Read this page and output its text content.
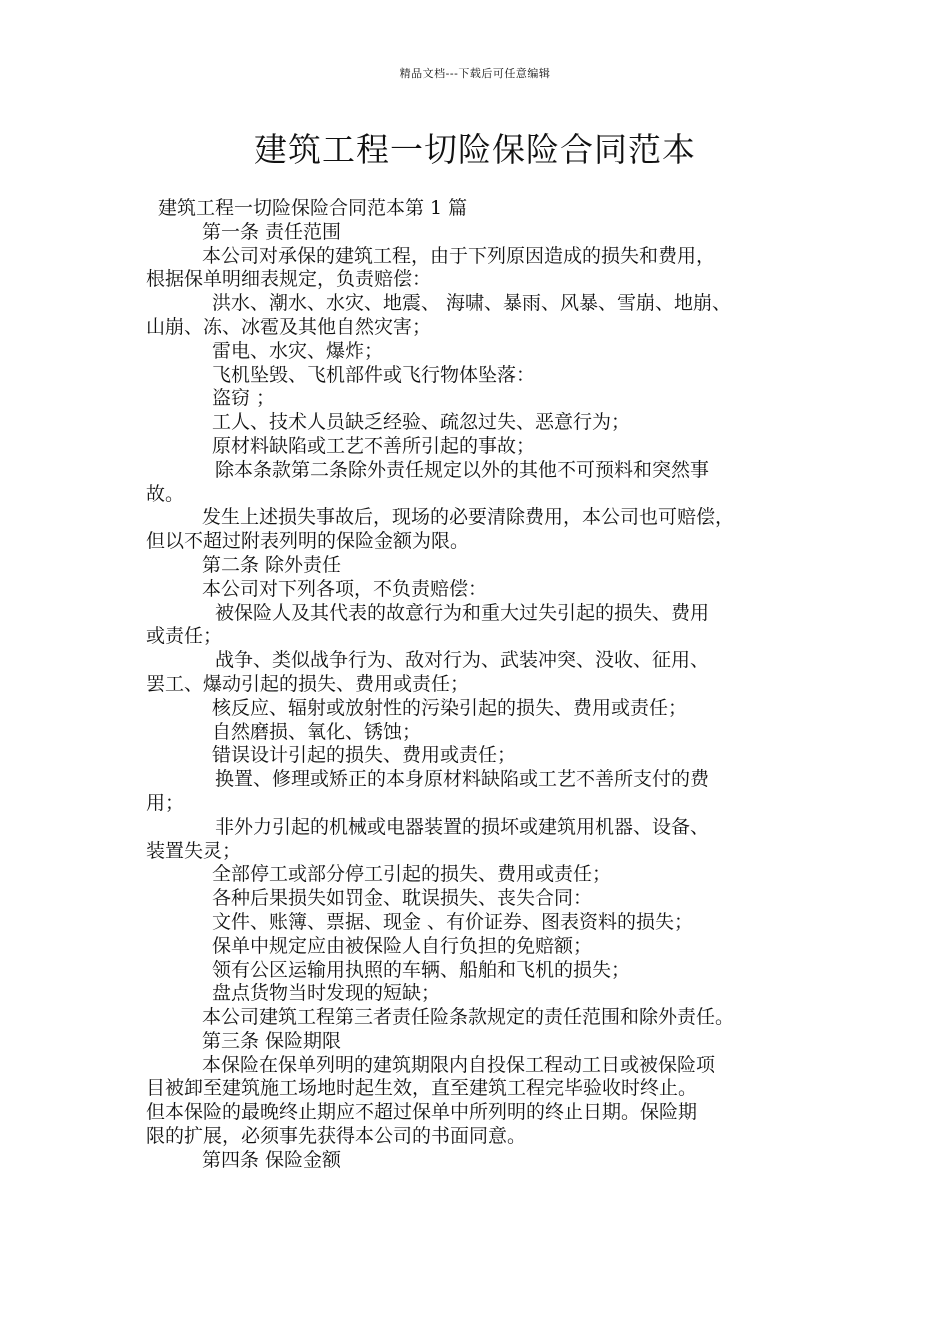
精品文档---下载后可任意编辑
建筑工程一切险保险合同范本
建筑工程一切险保险合同范本第 1 篇
第一条 责任范围
本公司对承保的建筑工程，由于下列原因造成的损失和费用，
根据保单明细表规定，负责赔偿：
洪水、潮水、水灾、地震、 海啸、暴雨、风暴、雪崩、地崩、
山崩、冻、冰雹及其他自然灾害；
雷电、水灾、爆炸；
飞机坠毁、飞机部件或飞行物体坠落：
盗窃 ；
工人、技术人员缺乏经验、疏忽过失、恶意行为；
原材料缺陷或工艺不善所引起的事故；
除本条款第二条除外责任规定以外的其他不可预料和突然事
故。
发生上述损失事故后，现场的必要清除费用，本公司也可赔偿，
但以不超过附表列明的保险金额为限。
第二条 除外责任
本公司对下列各项，不负责赔偿：
被保险人及其代表的故意行为和重大过失引起的损失、费用
或责任；
战争、类似战争行为、敌对行为、武装冲突、没收、征用、
罢工、爆动引起的损失、费用或责任；
核反应、辐射或放射性的污染引起的损失、费用或责任；
自然磨损、氧化、锈蚀；
错误设计引起的损失、费用或责任；
换置、修理或矫正的本身原材料缺陷或工艺不善所支付的费
用；
非外力引起的机械或电器装置的损坏或建筑用机器、设备、
装置失灵；
全部停工或部分停工引起的损失、费用或责任；
各种后果损失如罚金、耽误损失、丧失合同：
文件、账簿、票据、现金 、有价证券、图表资料的损失；
保单中规定应由被保险人自行负担的免赔额；
领有公区运输用执照的车辆、船舶和飞机的损失；
盘点货物当时发现的短缺；
本公司建筑工程第三者责任险条款规定的责任范围和除外责任。
第三条 保险期限
本保险在保单列明的建筑期限内自投保工程动工日或被保险项
目被卸至建筑施工场地时起生效，直至建筑工程完毕验收时终止。
但本保险的最晚终止期应不超过保单中所列明的终止日期。保险期
限的扩展，必须事先获得本公司的书面同意。
第四条 保险金额
